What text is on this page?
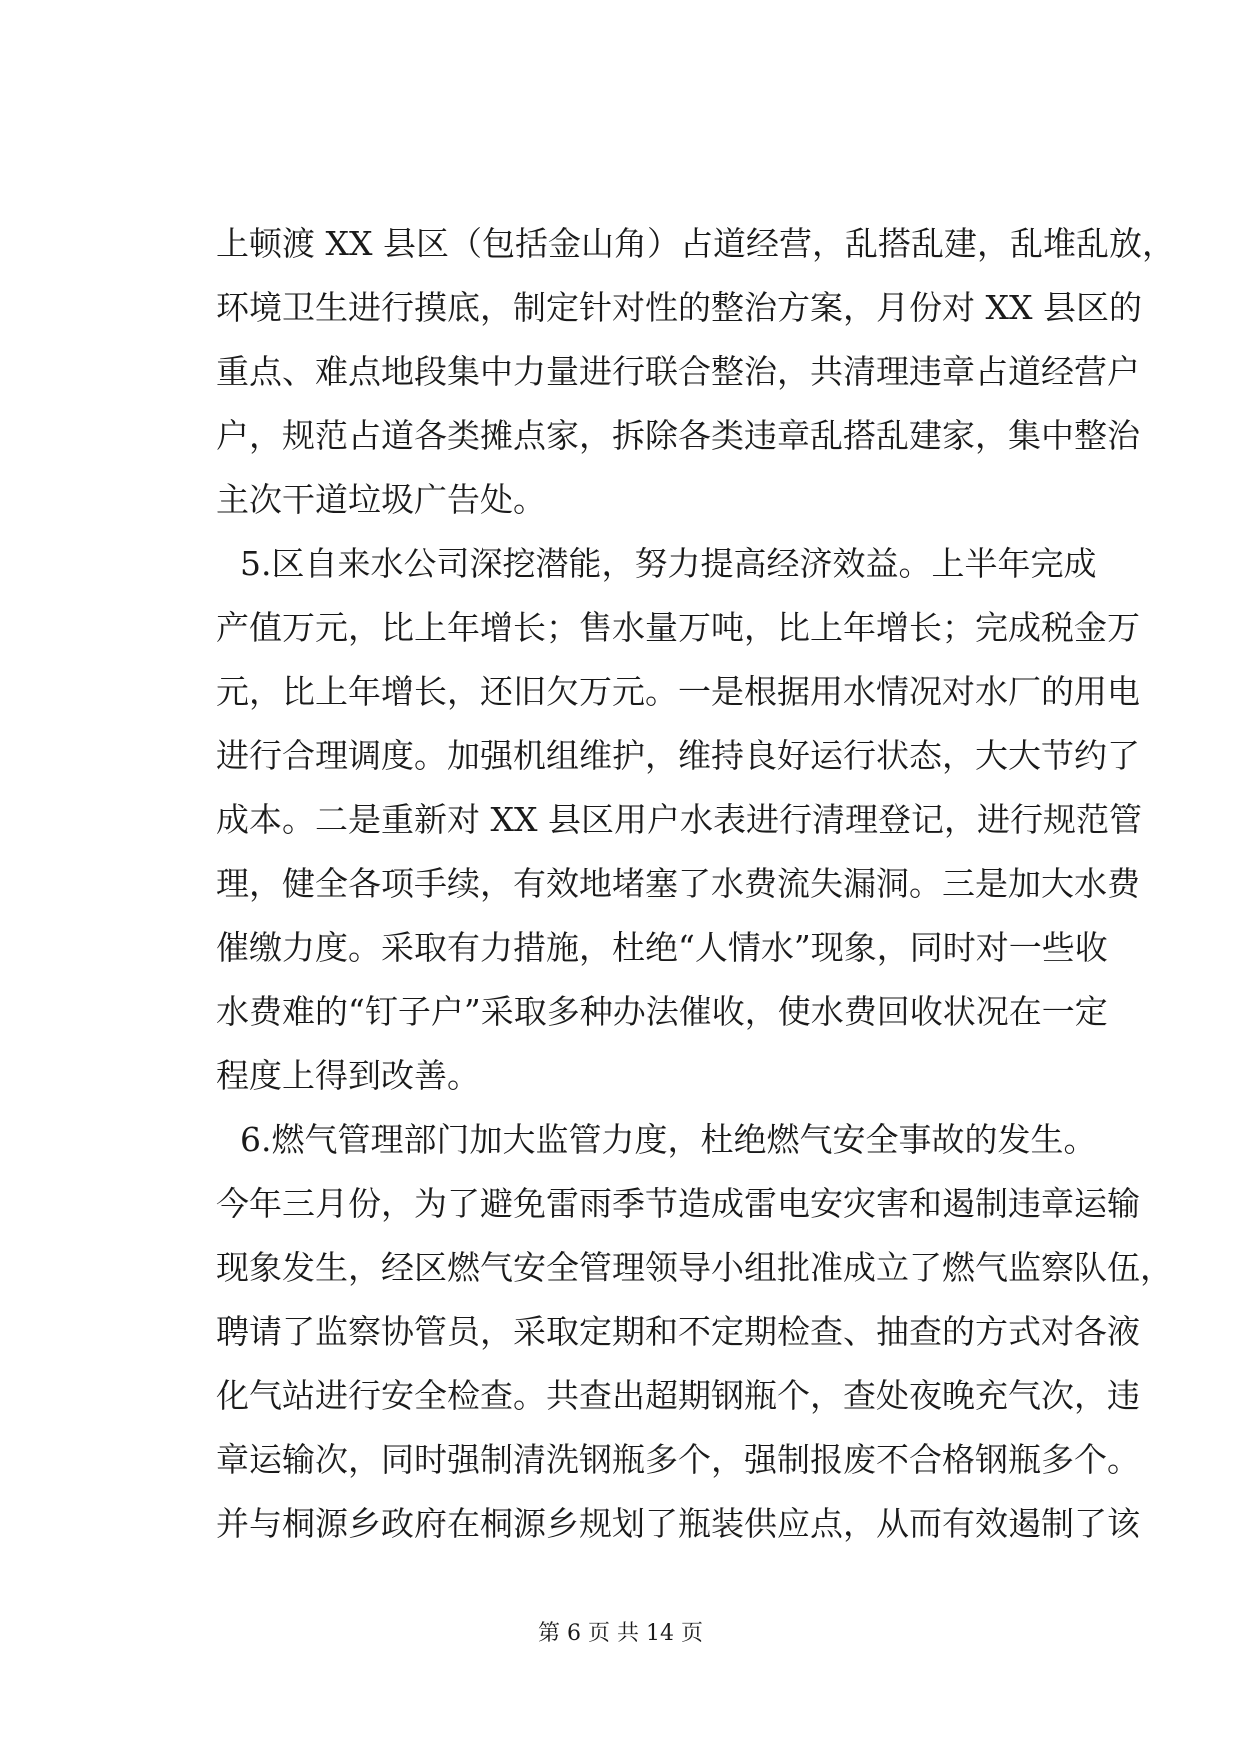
上顿渡 XX 县区（包括金山角）占道经营，乱搭乱建，乱堆乱放，
环境卫生进行摸底，制定针对性的整治方案，月份对 XX 县区的
重点、难点地段集中力量进行联合整治，共清理违章占道经营户
户，规范占道各类摊点家，拆除各类违章乱搭乱建家，集中整治
主次干道垃圾广告处。
5.区自来水公司深挖潜能，努力提高经济效益。上半年完成
产值万元，比上年增长；售水量万吨，比上年增长；完成税金万
元，比上年增长，还旧欠万元。一是根据用水情况对水厂的用电
进行合理调度。加强机组维护，维持良好运行状态，大大节约了
成本。二是重新对 XX 县区用户水表进行清理登记，进行规范管
理，健全各项手续，有效地堵塞了水费流失漏洞。三是加大水费
催缴力度。采取有力措施，杜绝“人情水”现象，同时对一些收
水费难的“钉子户”采取多种办法催收，使水费回收状况在一定
程度上得到改善。
6.燃气管理部门加大监管力度，杜绝燃气安全事故的发生。
今年三月份，为了避免雷雨季节造成雷电安灾害和遏制违章运输
现象发生，经区燃气安全管理领导小组批准成立了燃气监察队伍，
聘请了监察协管员，采取定期和不定期检查、抽查的方式对各液
化气站进行安全检查。共查出超期钢瓶个，查处夜晚充气次，违
章运输次，同时强制清洗钢瓶多个，强制报废不合格钢瓶多个。
并与桐源乡政府在桐源乡规划了瓶装供应点，从而有效遏制了该
第 6 页 共 14 页
